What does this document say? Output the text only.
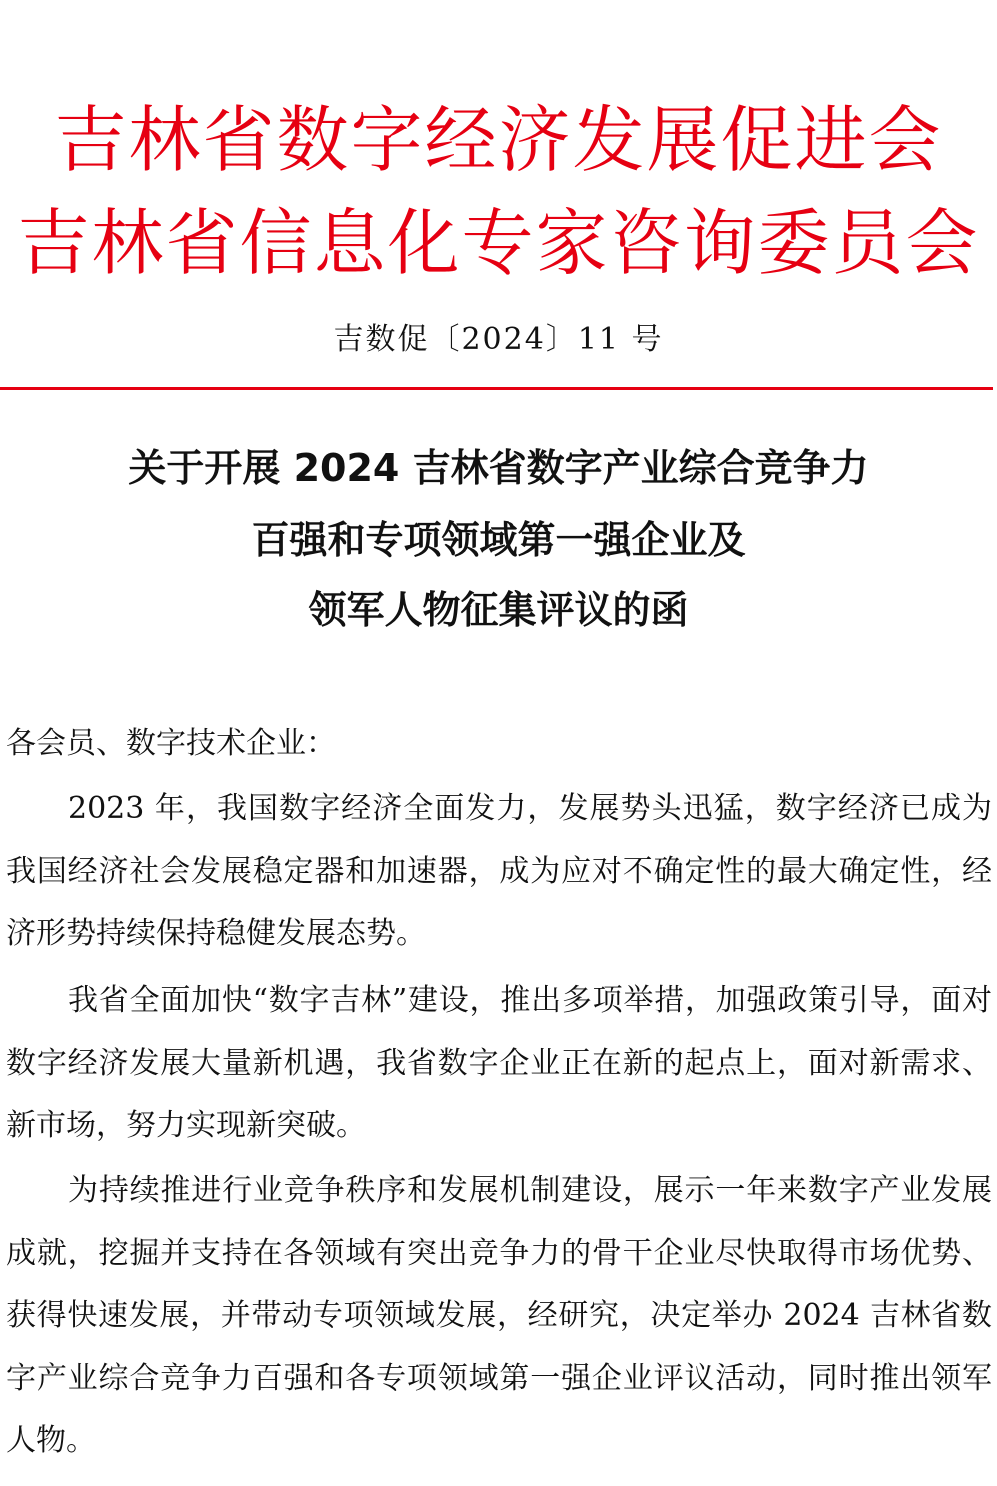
吉林省数字经济发展促进会
吉林省信息化专家咨询委员会
吉数促〔2024〕11 号
关于开展 2024 吉林省数字产业综合竞争力
百强和专项领域第一强企业及
领军人物征集评议的函
各会员、数字技术企业：

2023 年，我国数字经济全面发力，发展势头迅猛，数字经济已成为我国经济社会发展稳定器和加速器，成为应对不确定性的最大确定性，经济形势持续保持稳健发展态势。

我省全面加快“数字吉林”建设，推出多项举措，加强政策引导，面对数字经济发展大量新机遇，我省数字企业正在新的起点上，面对新需求、新市场，努力实现新突破。

为持续推进行业竞争秩序和发展机制建设，展示一年来数字产业发展成就，挖掘并支持在各领域有突出竞争力的骨干企业尽快取得市场优势、获得快速发展，并带动专项领域发展，经研究，决定举办 2024 吉林省数字产业综合竞争力百强和各专项领域第一强企业评议活动，同时推出领军人物。
